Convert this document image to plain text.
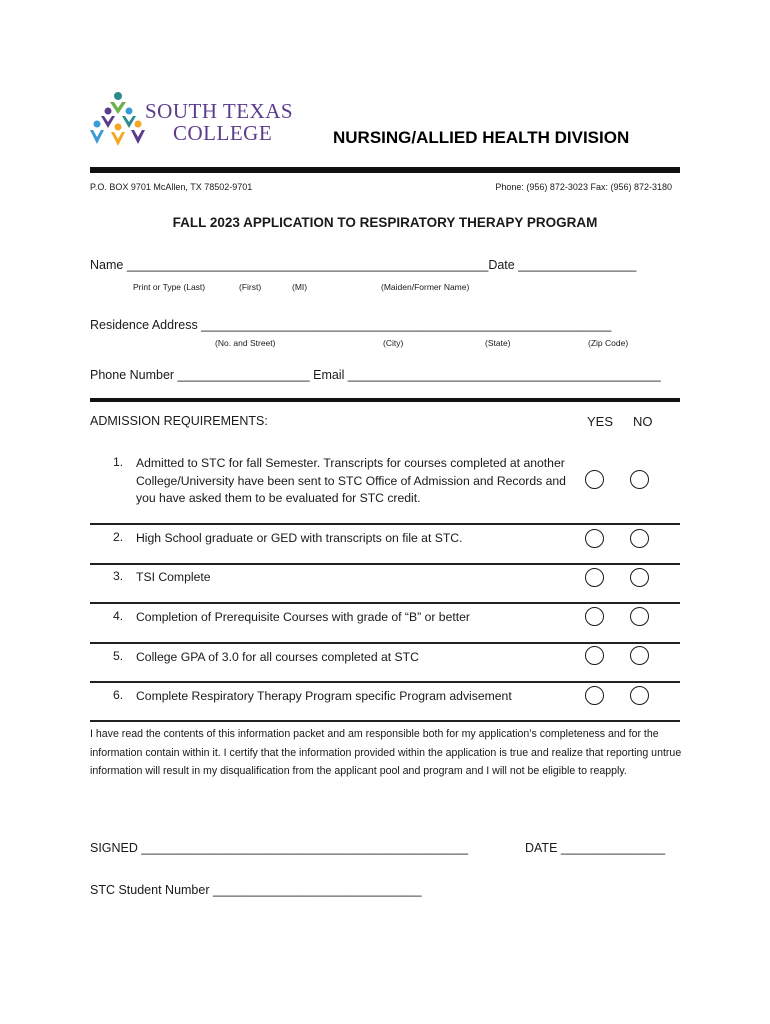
SOUTH TEXAS
COLLEGE	NURSING/ALLIED HEALTH DIVISION
P.O. BOX 9701 McAllen, TX 78502-9701	Phone: (956) 872-3023 Fax: (956) 872-3180
FALL 2023 APPLICATION TO RESPIRATORY THERAPY PROGRAM
Name ____________________________________________________Date _________________
Print or Type (Last)	(First)	(MI)	(Maiden/Former Name)
Residence Address ___________________________________________________________
(No. and Street)	(City)	(State)	(Zip Code)
Phone Number ___________________ Email _____________________________________________
ADMISSION REQUIREMENTS:	YES NO
1. Admitted to STC for fall Semester. Transcripts for courses completed at another College/University have been sent to STC Office of Admission and Records and you have asked them to be evaluated for STC credit.
2. High School graduate or GED with transcripts on file at STC.
3. TSI Complete
4. Completion of Prerequisite Courses with grade of “B” or better
5. College GPA of 3.0 for all courses completed at STC
6. Complete Respiratory Therapy Program specific Program advisement
I have read the contents of this information packet and am responsible both for my application’s completeness and for the information contain within it. I certify that the information provided within the application is true and realize that reporting untrue information will result in my disqualification from the applicant pool and program and I will not be eligible to reapply.
SIGNED _______________________________________________	DATE _______________
STC Student Number ______________________________
